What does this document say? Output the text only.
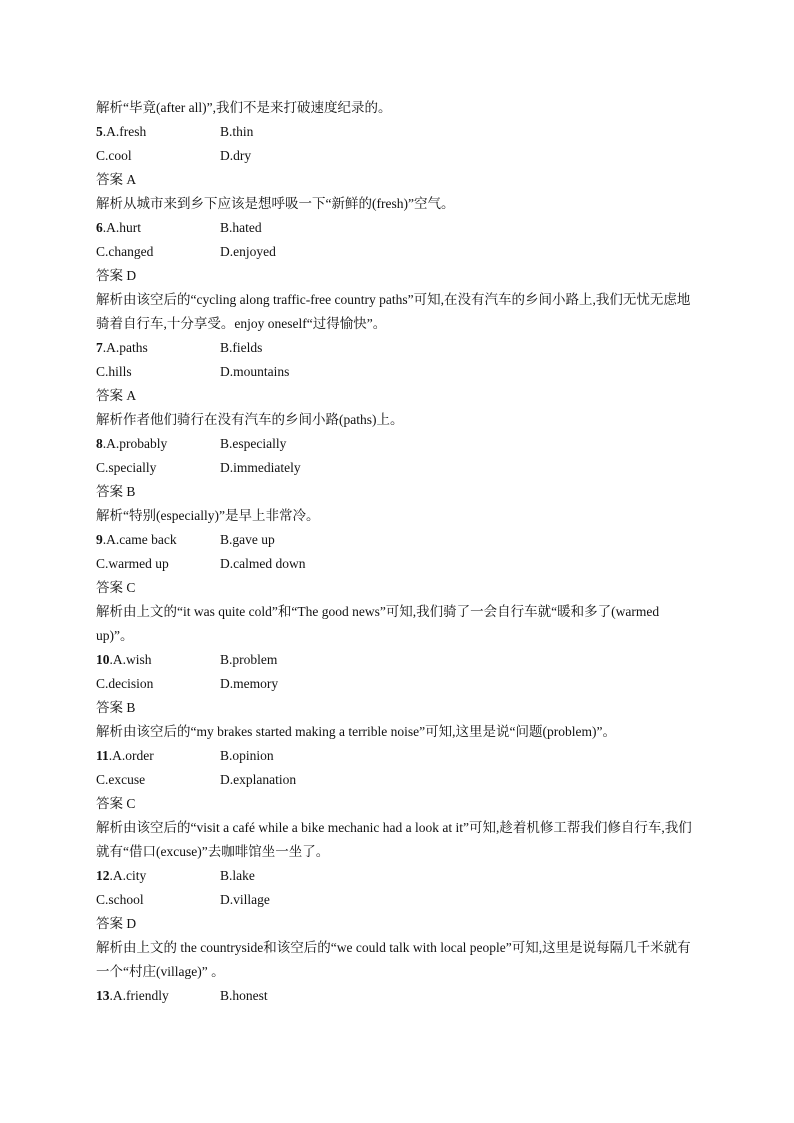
解析“毕竟(after all)”,我们不是来打破速度纪录的。
5.A.fresh	B.thin
C.cool	D.dry
答案 A
解析从城市来到乡下应该是想呼吸一下“新鲜的(fresh)”空气。
6.A.hurt	B.hated
C.changed	D.enjoyed
答案 D
解析由该空后的“cycling along traffic-free country paths”可知,在没有汽车的乡间小路上,我们无忧无虑地骑着自行车,十分享受。enjoy oneself“过得愉快”。
7.A.paths	B.fields
C.hills	D.mountains
答案 A
解析作者他们骑行在没有汽车的乡间小路(paths)上。
8.A.probably	B.especially
C.specially	D.immediately
答案 B
解析“特别(especially)”是早上非常冷。
9.A.came back	B.gave up
C.warmed up	D.calmed down
答案 C
解析由上文的“it was quite cold”和“The good news”可知,我们骑了一会自行车就“暖和多了(warmed up)”。
10.A.wish	B.problem
C.decision	D.memory
答案 B
解析由该空后的“my brakes started making a terrible noise”可知,这里是说“问题(problem)”。
11.A.order	B.opinion
C.excuse	D.explanation
答案 C
解析由该空后的“visit a café while a bike mechanic had a look at it”可知,趁着机修工帮我们修自行车,我们就有“借口(excuse)”去咖啡馆坐一坐了。
12.A.city	B.lake
C.school	D.village
答案 D
解析由上文的 the countryside和该空后的“we could talk with local people”可知,这里是说每隔几千米就有一个“村庄(village)” 。
13.A.friendly	B.honest
